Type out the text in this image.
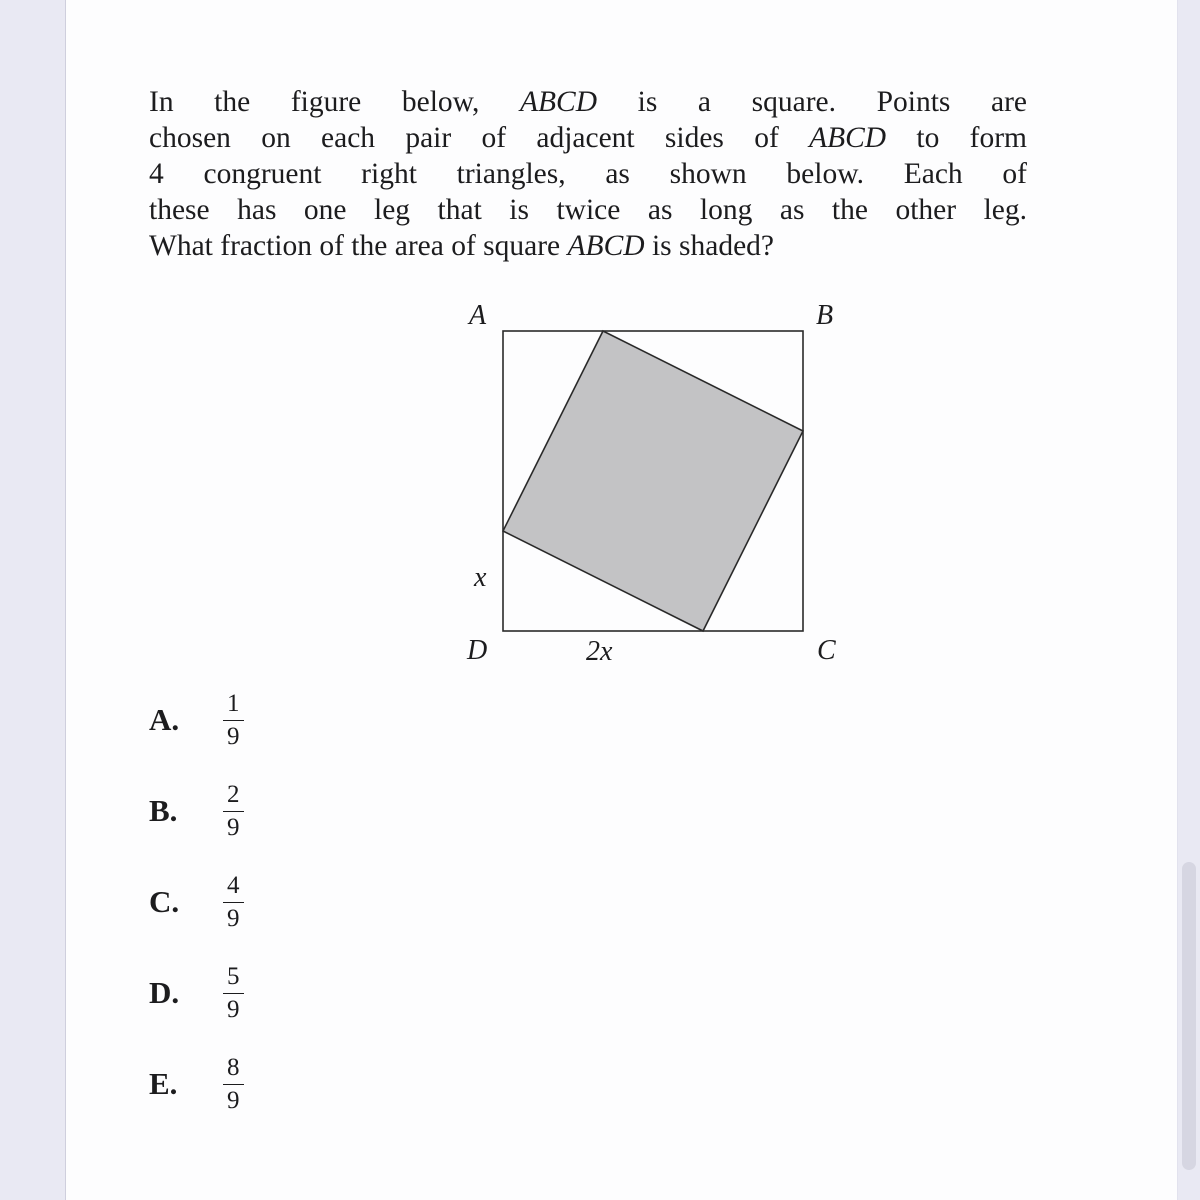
In the figure below, ABCD is a square. Points are
chosen on each pair of adjacent sides of ABCD to form
4 congruent right triangles, as shown below. Each of
these has one leg that is twice as long as the other leg.
What fraction of the area of square ABCD is shaded?
A	B
D	C
x
2x
A.	$\frac{1}{9}$
B.	$\frac{2}{9}$
C.	$\frac{4}{9}$
D.	$\frac{5}{9}$
E.	$\frac{8}{9}$
